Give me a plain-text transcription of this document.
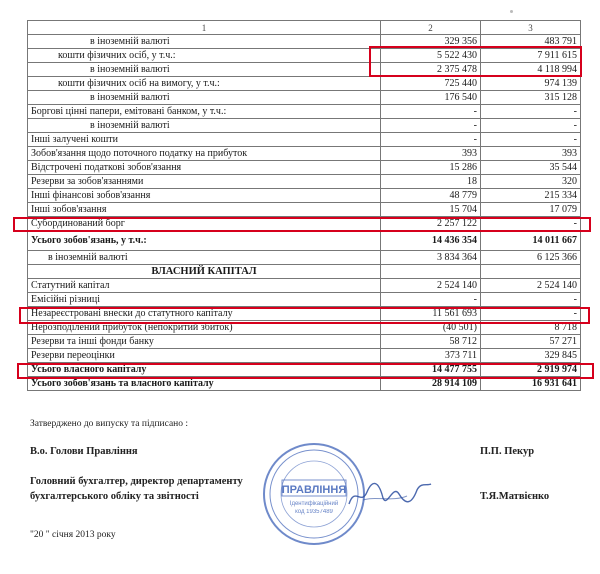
1	2	3
в іноземній валюті	329 356	483 791
кошти фізичних осіб, у т.ч.:	5 522 430	7 911 615
в іноземній валюті	2 375 478	4 118 994
кошти фізичних осіб на вимогу, у т.ч.:	725 440	974 139
в іноземній валюті	176 540	315 128
Боргові цінні папери, емітовані банком, у т.ч.:	-	-
в іноземній валюті	-	-
Інші залучені кошти	-	-
Зобов'язання щодо поточного податку на прибуток	393	393
Відстрочені податкові зобов'язання	15 286	35 544
Резерви за зобов'язаннями	18	320
Інші фінансові зобов'язання	48 779	215 334
Інші зобов'язання	15 704	17 079
Субординований борг	2 257 122	-
Усього зобов'язань, у т.ч.:	14 436 354	14 011 667
в іноземній валюті	3 834 364	6 125 366
ВЛАСНИЙ КАПІТАЛ		
Статутний капітал	2 524 140	2 524 140
Емісійні різниці	-	-
Незареєстровані внески до статутного капіталу	11 561 693	-
Нерозподілений прибуток (непокритий збиток)	(40 501)	8 718
Резерви та інші фонди банку	58 712	57 271
Резерви переоцінки	373 711	329 845
Усього власного капіталу	14 477 755	2 919 974
Усього зобов'язань та власного капіталу	28 914 109	16 931 641
Затверджено до випуску та підписано :
В.о. Голови Правління	П.П. Пекур
Головний бухгалтер, директор департаменту
бухгалтерського обліку та звітності	Т.Я.Матвієнко
"20 " січня 2013 року
ПРАВЛІННЯ
Ідентифікаційний
код 19357489
